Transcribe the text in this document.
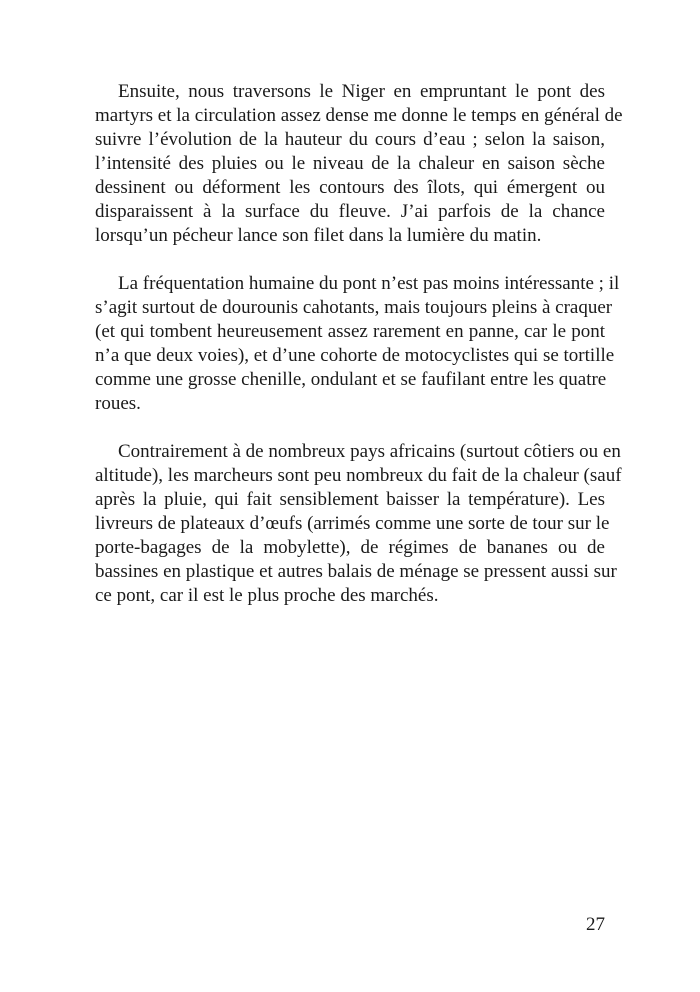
Ensuite, nous traversons le Niger en empruntant le pont des
martyrs et la circulation assez dense me donne le temps en général de
suivre l’évolution de la hauteur du cours d’eau ; selon la saison,
l’intensité des pluies ou le niveau de la chaleur en saison sèche
dessinent ou déforment les contours des îlots, qui émergent ou
disparaissent à la surface du fleuve. J’ai parfois de la chance
lorsqu’un pécheur lance son filet dans la lumière du matin.
La fréquentation humaine du pont n’est pas moins intéressante ; il
s’agit surtout de dourounis cahotants, mais toujours pleins à craquer
(et qui tombent heureusement assez rarement en panne, car le pont
n’a que deux voies), et d’une cohorte de motocyclistes qui se tortille
comme une grosse chenille, ondulant et se faufilant entre les quatre
roues.
Contrairement à de nombreux pays africains (surtout côtiers ou en
altitude), les marcheurs sont peu nombreux du fait de la chaleur (sauf
après la pluie, qui fait sensiblement baisser la température). Les
livreurs de plateaux d’œufs (arrimés comme une sorte de tour sur le
porte-bagages de la mobylette), de régimes de bananes ou de
bassines en plastique et autres balais de ménage se pressent aussi sur
ce pont, car il est le plus proche des marchés.
27
